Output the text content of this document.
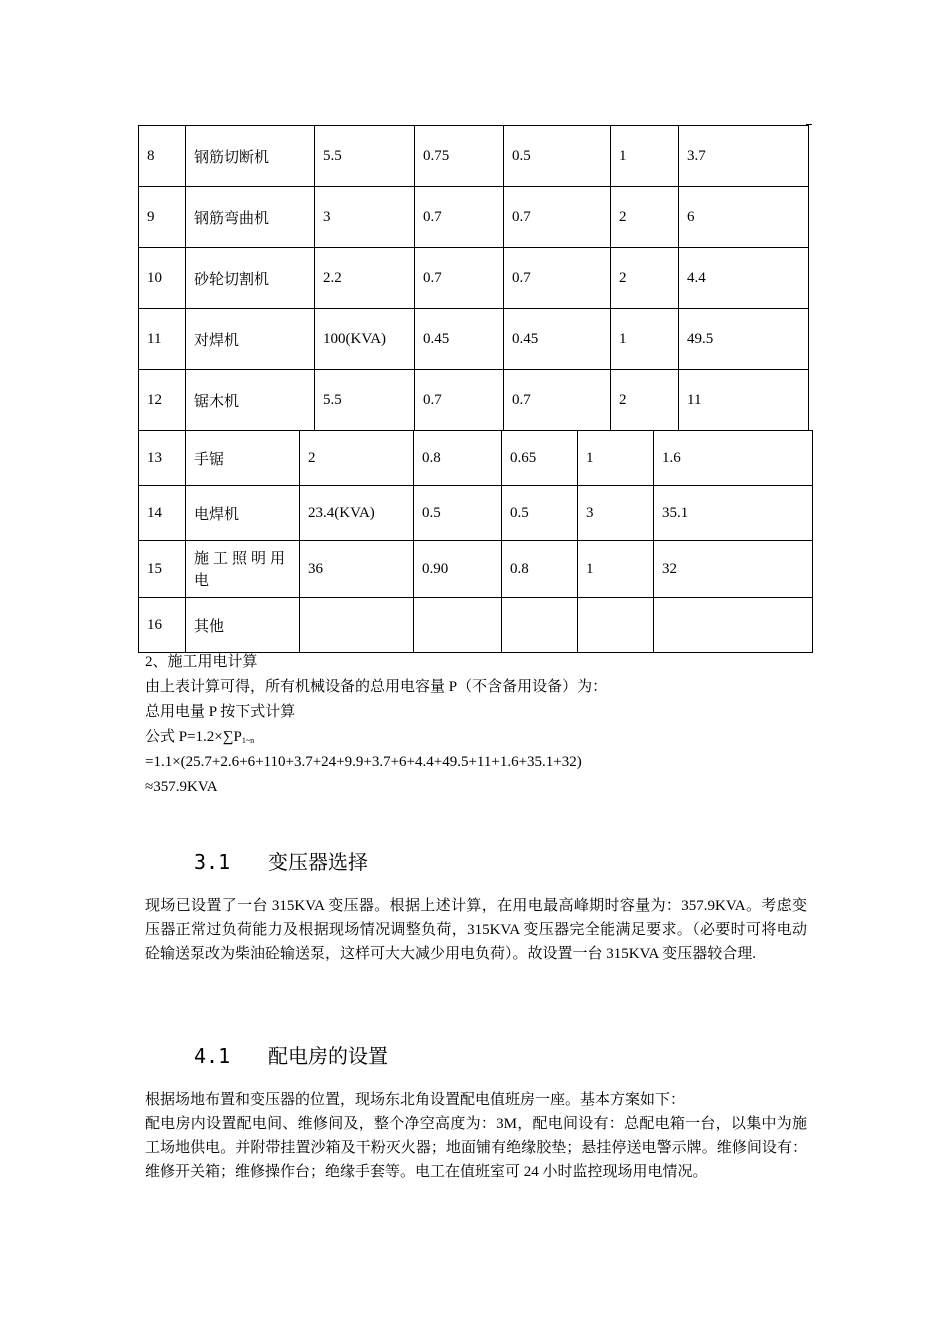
8	钢筋切断机	5.5	0.75	0.5	1	3.7
9	钢筋弯曲机	3	0.7	0.7	2	6
10	砂轮切割机	2.2	0.7	0.7	2	4.4
11	对焊机	100(KVA)	0.45	0.45	1	49.5
12	锯木机	5.5	0.7	0.7	2	11
13	手锯	2	0.8	0.65	1	1.6
14	电焊机	23.4(KVA)	0.5	0.5	3	35.1
15	施工照明用电	36	0.90	0.8	1	32
16	其他					
2、施工用电计算
由上表计算可得，所有机械设备的总用电容量 P（不含备用设备）为：
总用电量 P 按下式计算
公式 $P=1.2\times\sum P_{1\sim n}$
=1.1×(25.7+2.6+6+110+3.7+24+9.9+3.7+6+4.4+49.5+11+1.6+35.1+32)
≈357.9KVA
3.1 变压器选择

现场已设置了一台 315KVA 变压器。根据上述计算，在用电最高峰期时容量为：357.9KVA。考虑变压器正常过负荷能力及根据现场情况调整负荷，315KVA 变压器完全能满足要求。（必要时可将电动砼输送泵改为柴油砼输送泵，这样可大大减少用电负荷）。故设置一台 315KVA 变压器较合理.

4.1 配电房的设置

根据场地布置和变压器的位置，现场东北角设置配电值班房一座。基本方案如下：

配电房内设置配电间、维修间及，整个净空高度为：3M，配电间设有：总配电箱一台，以集中为施工场地供电。并附带挂置沙箱及干粉灭火器；地面铺有绝缘胶垫；悬挂停送电警示牌。维修间设有：维修开关箱；维修操作台；绝缘手套等。电工在值班室可 24 小时监控现场用电情况。
